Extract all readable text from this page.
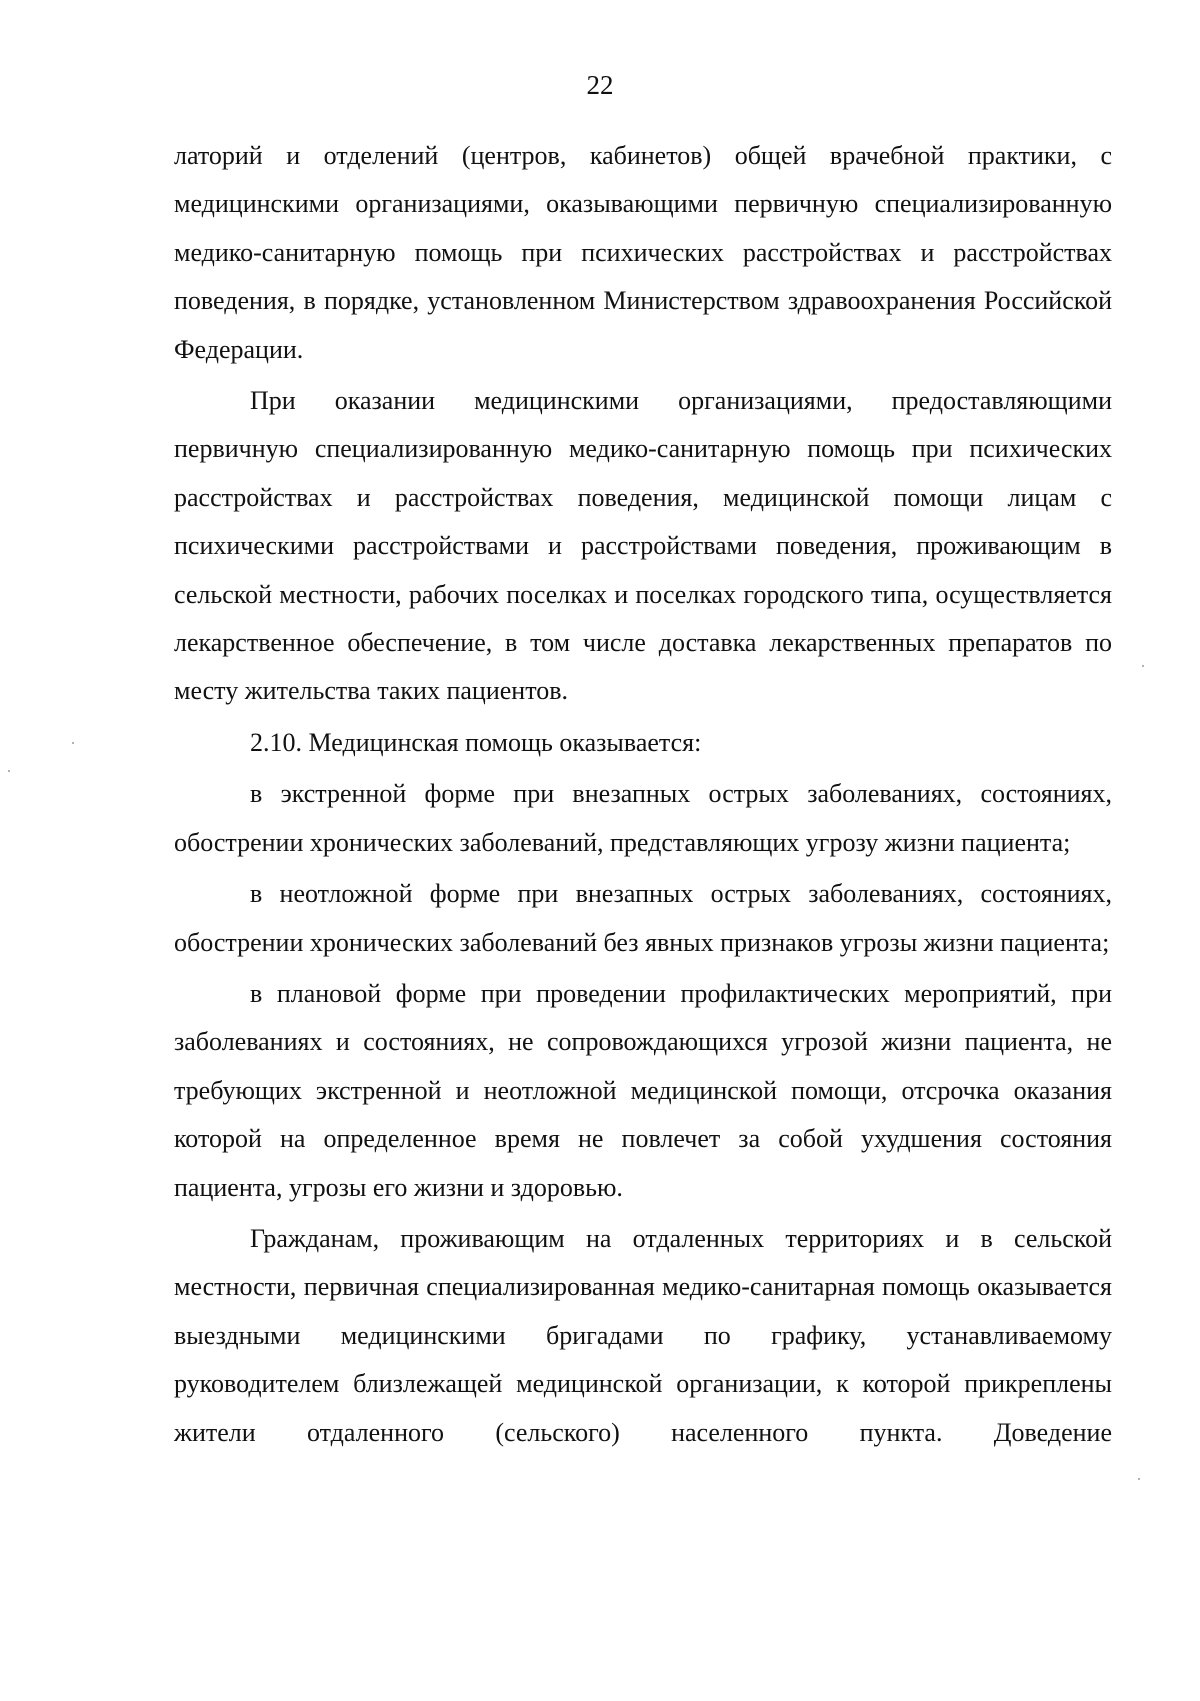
22

латорий и отделений (центров, кабинетов) общей врачебной практики, с медицинскими организациями, оказывающими первичную специализированную медико-санитарную помощь при психических расстройствах и расстройствах поведения, в порядке, установленном Министерством здравоохранения Российской Федерации.

При оказании медицинскими организациями, предоставляющими первичную специализированную медико-санитарную помощь при психических расстройствах и расстройствах поведения, медицинской помощи лицам с психическими расстройствами и расстройствами поведения, проживающим в сельской местности, рабочих поселках и поселках городского типа, осуществляется лекарственное обеспечение, в том числе доставка лекарственных препаратов по месту жительства таких пациентов.

2.10. Медицинская помощь оказывается:

в экстренной форме при внезапных острых заболеваниях, состояниях, обострении хронических заболеваний, представляющих угрозу жизни пациента;

в неотложной форме при внезапных острых заболеваниях, состояниях, обострении хронических заболеваний без явных признаков угрозы жизни пациента;

в плановой форме при проведении профилактических мероприятий, при заболеваниях и состояниях, не сопровождающихся угрозой жизни пациента, не требующих экстренной и неотложной медицинской помощи, отсрочка оказания которой на определенное время не повлечет за собой ухудшения состояния пациента, угрозы его жизни и здоровью.

Гражданам, проживающим на отдаленных территориях и в сельской местности, первичная специализированная медико-санитарная помощь оказывается выездными медицинскими бригадами по графику, устанавливаемому руководителем близлежащей медицинской организации, к которой прикреплены жители отдаленного (сельского) населенного пункта. Доведение
